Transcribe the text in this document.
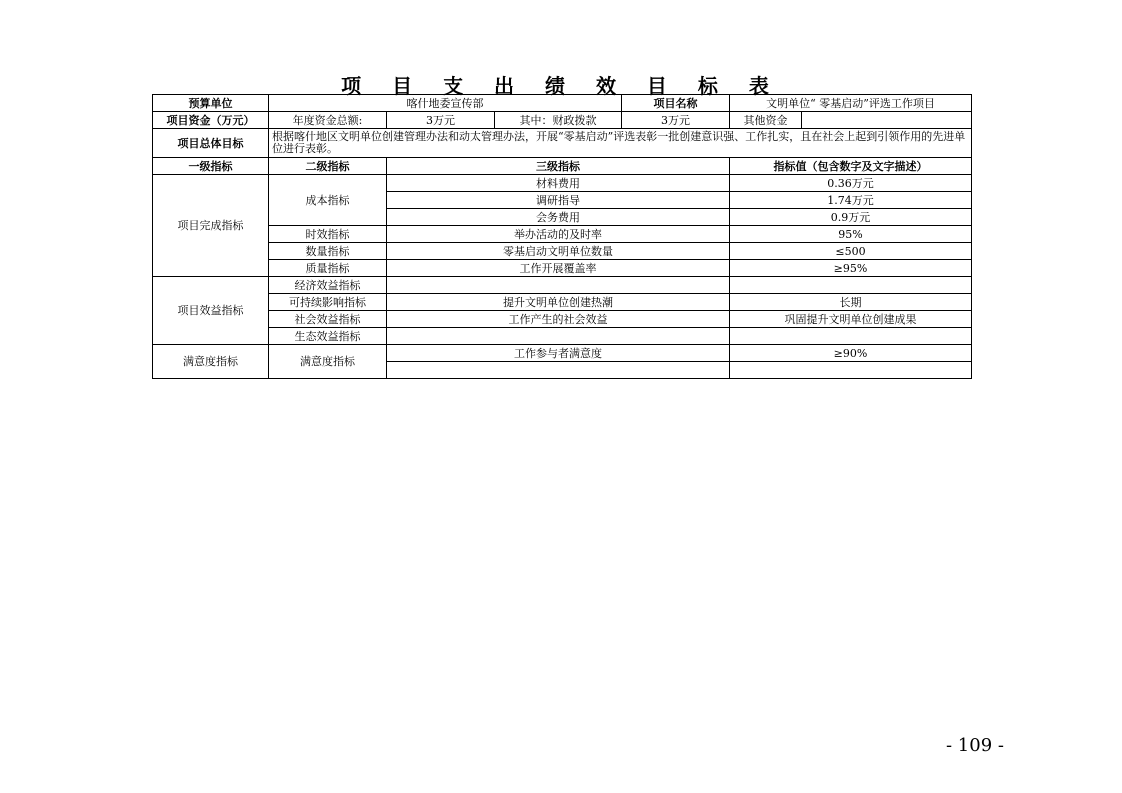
项 目 支 出 绩 效 目 标 表
预算单位	喀什地委宣传部			项目名称	文明单位“ 零基启动”评选工作项目	
项目资金（万元）	年度资金总额:	3万元	其中：财政拨款	3万元	其他资金	
项目总体目标	根据喀什地区文明单位创建管理办法和动太管理办法，开展“零基启动”评选表彰一批创建意识强、工作扎实，且在社会上起到引领作用的先进单位进行表彰。					
一级指标	二级指标	三级指标			指标值（包含数字及文字描述）	
项目完成指标	成本指标	材料费用			0.36万元	
		调研指导			1.74万元	
		会务费用			0.9万元	
	时效指标	举办活动的及时率			95%	
	数量指标	零基启动文明单位数量			≤500	
	质量指标	工作开展覆盖率			≥95%	
项目效益指标	经济效益指标					
	可持续影响指标	提升文明单位创建热潮			长期	
	社会效益指标	工作产生的社会效益			巩固提升文明单位创建成果	
	生态效益指标					
满意度指标	满意度指标	工作参与者满意度			≥90%	

- 109 -
